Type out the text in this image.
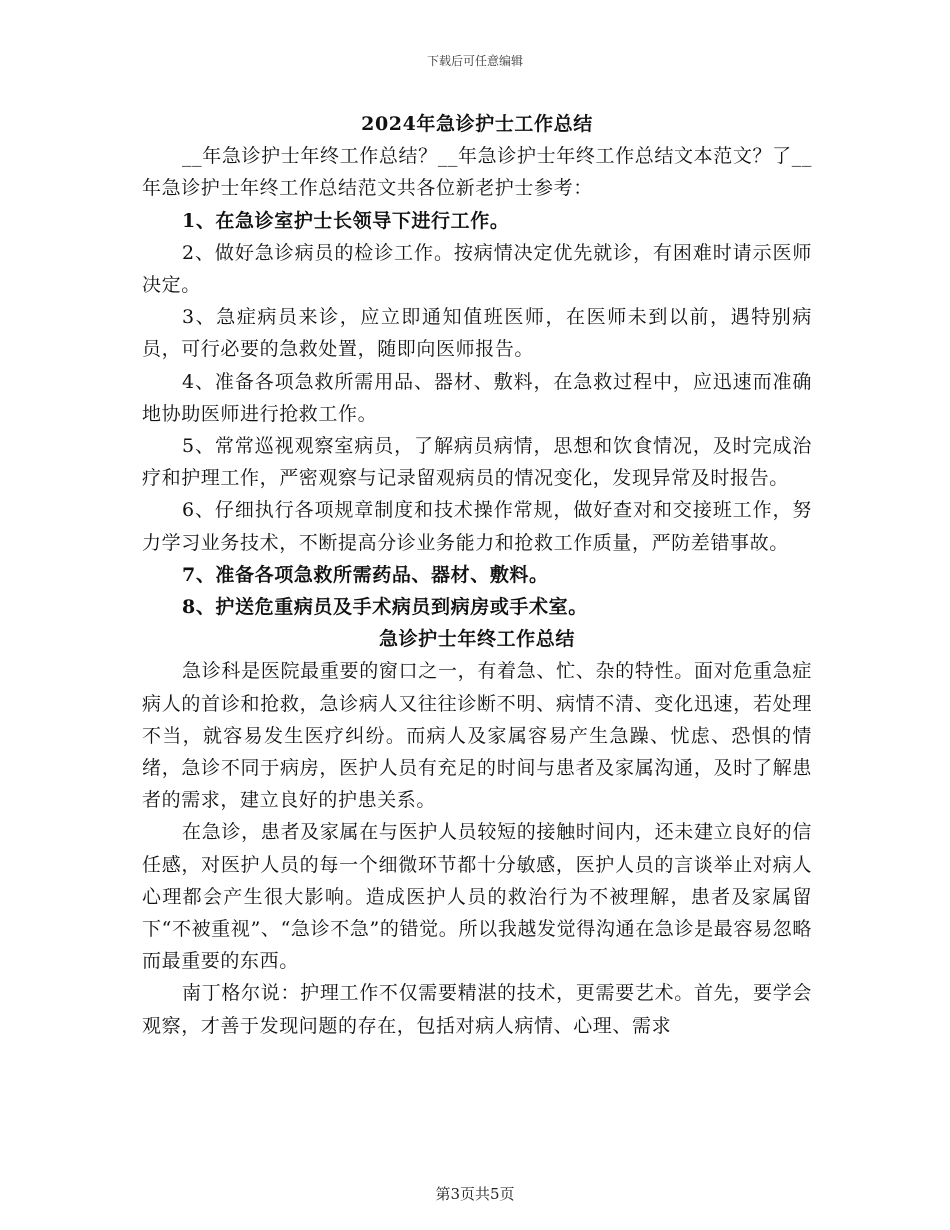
下载后可任意编辑

2024年急诊护士工作总结

__年急诊护士年终工作总结？__年急诊护士年终工作总结文本范文？了__年急诊护士年终工作总结范文共各位新老护士参考：

1、在急诊室护士长领导下进行工作。

2、做好急诊病员的检诊工作。按病情决定优先就诊，有困难时请示医师决定。

3、急症病员来诊，应立即通知值班医师，在医师未到以前，遇特别病员，可行必要的急救处置，随即向医师报告。

4、准备各项急救所需用品、器材、敷料，在急救过程中，应迅速而准确地协助医师进行抢救工作。

5、常常巡视观察室病员，了解病员病情，思想和饮食情况，及时完成治疗和护理工作，严密观察与记录留观病员的情况变化，发现异常及时报告。

6、仔细执行各项规章制度和技术操作常规，做好查对和交接班工作，努力学习业务技术，不断提高分诊业务能力和抢救工作质量，严防差错事故。

7、准备各项急救所需药品、器材、敷料。

8、护送危重病员及手术病员到病房或手术室。

急诊护士年终工作总结

急诊科是医院最重要的窗口之一，有着急、忙、杂的特性。面对危重急症病人的首诊和抢救，急诊病人又往往诊断不明、病情不清、变化迅速，若处理不当，就容易发生医疗纠纷。而病人及家属容易产生急躁、忧虑、恐惧的情绪，急诊不同于病房，医护人员有充足的时间与患者及家属沟通，及时了解患者的需求，建立良好的护患关系。

在急诊，患者及家属在与医护人员较短的接触时间内，还未建立良好的信任感，对医护人员的每一个细微环节都十分敏感，医护人员的言谈举止对病人心理都会产生很大影响。造成医护人员的救治行为不被理解，患者及家属留下“不被重视”、“急诊不急”的错觉。所以我越发觉得沟通在急诊是最容易忽略而最重要的东西。

南丁格尔说：护理工作不仅需要精湛的技术，更需要艺术。首先，要学会观察，才善于发现问题的存在，包括对病人病情、心理、需求

第3页共5页
